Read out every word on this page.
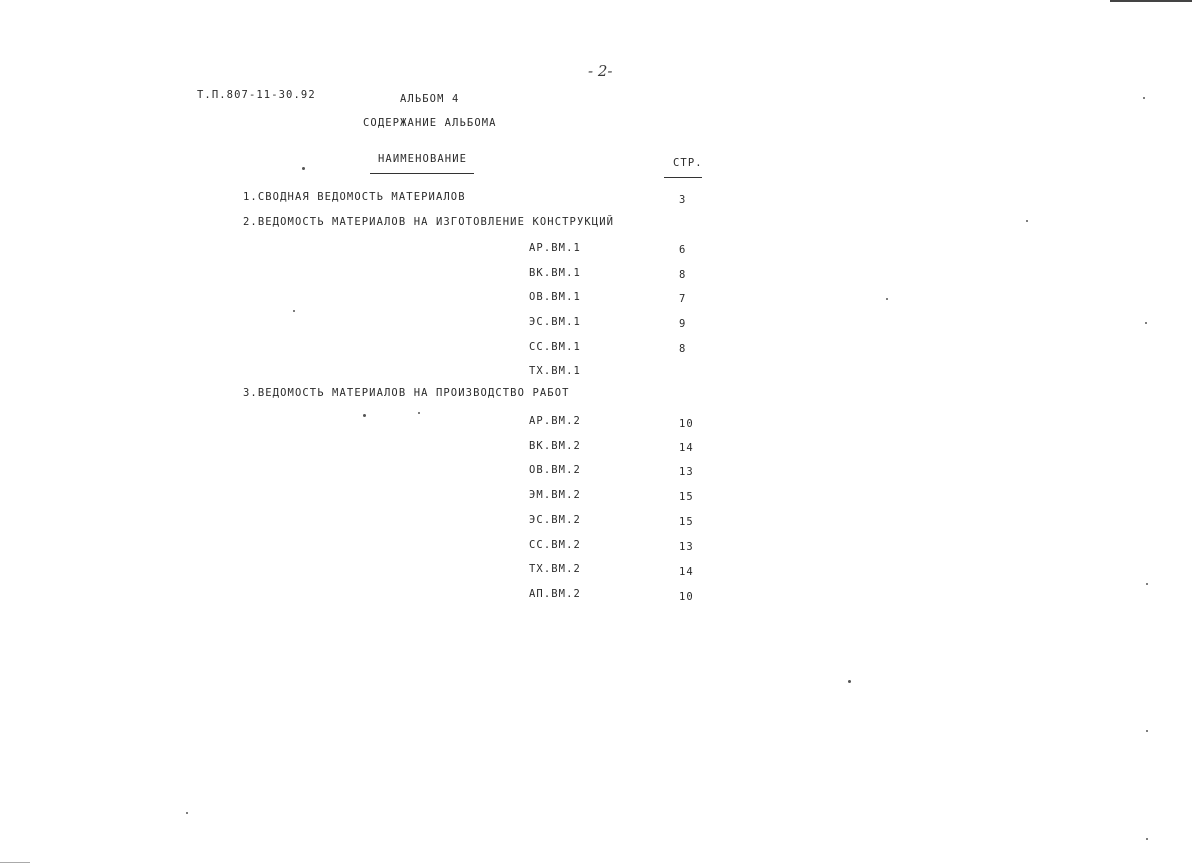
- 2-
Т.П.807-11-30.92	АЛЬБОМ 4
СОДЕРЖАНИЕ АЛЬБОМА
НАИМЕНОВАНИЕ	СТР.
1.СВОДНАЯ ВЕДОМОСТЬ МАТЕРИАЛОВ	3
2.ВЕДОМОСТЬ МАТЕРИАЛОВ НА ИЗГОТОВЛЕНИЕ КОНСТРУКЦИЙ
АР.ВМ.1	6
ВК.ВМ.1	8
ОВ.ВМ.1	7
ЭС.ВМ.1	9
СС.ВМ.1	8
ТХ.ВМ.1
3.ВЕДОМОСТЬ МАТЕРИАЛОВ НА ПРОИЗВОДСТВО РАБОТ
АР.ВМ.2	10
ВК.ВМ.2	14
ОВ.ВМ.2	13
ЭМ.ВМ.2	15
ЭС.ВМ.2	15
СС.ВМ.2	13
ТХ.ВМ.2	14
АП.ВМ.2	10
